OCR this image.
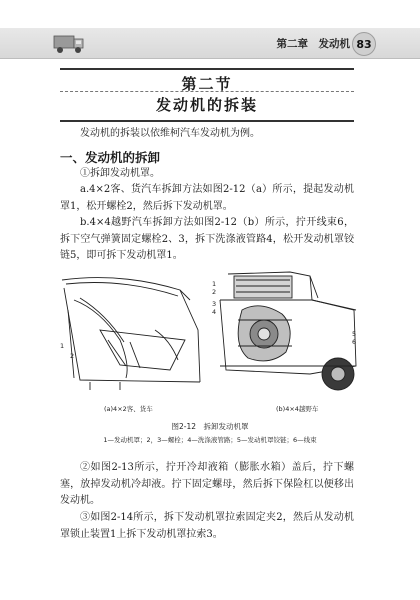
第二章　发动机 83
第二节
发动机的拆装

发动机的拆装以依维柯汽车发动机为例。

一、发动机的拆卸

①拆卸发动机罩。

a.4×2客、货汽车拆卸方法如图2-12（a）所示，提起发动机罩1，松开螺栓2，然后拆下发动机罩。

b.4×4越野汽车拆卸方法如图2-12（b）所示，拧开线束6，拆下空气弹簧固定螺栓2、3，拆下洗涤液管路4，松开发动机罩铰链5，即可拆下发动机罩1。

1
2
1
2
3
4
5
6
(a)4×2客、货车	(b)4×4越野车
图2-12　拆卸发动机罩
1—发动机罩；2，3—螺栓；4—洗涤液管路；5—发动机罩铰链；6—线束

②如图2-13所示，拧开冷却液箱（膨胀水箱）盖后，拧下螺塞，放掉发动机冷却液。拧下固定螺母，然后拆下保险杠以便移出发动机。

③如图2-14所示，拆下发动机罩拉索固定夹2，然后从发动机罩锁止装置1上拆下发动机罩拉索3。
